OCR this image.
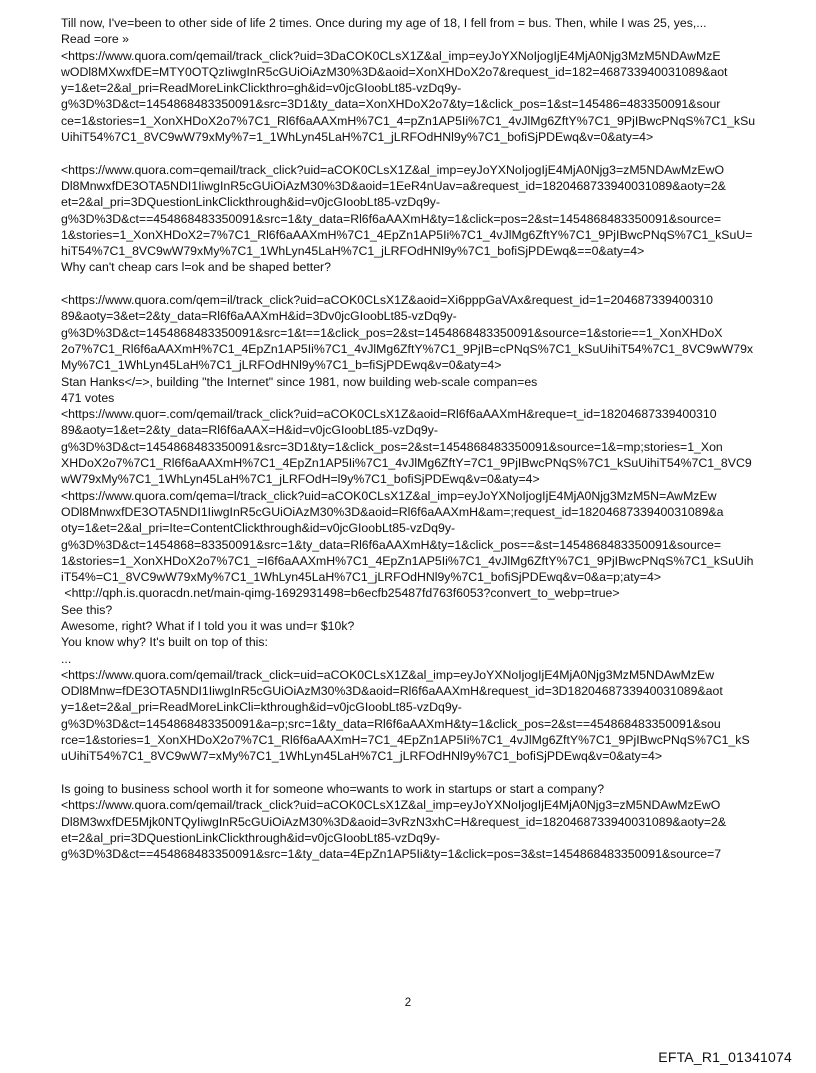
Till now, I've=been to other side of life 2 times. Once during my age of 18, I fell from = bus. Then, while I was 25, yes,...
Read =ore »
<https://www.quora.com/qemail/track_click?uid=3DaCOK0CLsX1Z&al_imp=eyJoYXNoIjogIjE4MjA0Njg3MzM5NDAwMzE
wODl8MXwxfDE=MTY0OTQzIiwgInR5cGUiOiAzM30%3D&aoid=XonXHDoX2o7&request_id=182=468733940031089&aot
y=1&et=2&al_pri=ReadMoreLinkClickthro=gh&id=v0jcGIoobLt85-vzDq9y-
g%3D%3D&ct=1454868483350091&src=3D1&ty_data=XonXHDoX2o7&ty=1&click_pos=1&st=145486=483350091&sour
ce=1&stories=1_XonXHDoX2o7%7C1_Rl6f6aAAXmH%7C1_4=pZn1AP5Ii%7C1_4vJlMg6ZftY%7C1_9PjIBwcPNqS%7C1_kSu
UihiT54%7C1_8VC9wW79xMy%7=1_1WhLyn45LaH%7C1_jLRFOdHNl9y%7C1_bofiSjPDEwq&v=0&aty=4>
<https://www.quora.com=qemail/track_click?uid=aCOK0CLsX1Z&al_imp=eyJoYXNoIjogIjE4MjA0Njg3=zM5NDAwMzEwO
Dl8MnwxfDE3OTA5NDI1IiwgInR5cGUiOiAzM30%3D&aoid=1EeR4nUav=a&request_id=1820468733940031089&aoty=2&
et=2&al_pri=3DQuestionLinkClickthrough&id=v0jcGIoobLt85-vzDq9y-
g%3D%3D&ct==454868483350091&src=1&ty_data=Rl6f6aAAXmH&ty=1&click=pos=2&st=1454868483350091&source=
1&stories=1_XonXHDoX2=7%7C1_Rl6f6aAAXmH%7C1_4EpZn1AP5Ii%7C1_4vJlMg6ZftY%7C1_9PjIBwcPNqS%7C1_kSuU=
hiT54%7C1_8VC9wW79xMy%7C1_1WhLyn45LaH%7C1_jLRFOdHNl9y%7C1_bofiSjPDEwq&==0&aty=4>
Why can't cheap cars l=ok and be shaped better?
<https://www.quora.com/qem=il/track_click?uid=aCOK0CLsX1Z&aoid=Xi6pppGaVAx&request_id=1=204687339400310
89&aoty=3&et=2&ty_data=Rl6f6aAAXmH&id=3Dv0jcGIoobLt85-vzDq9y-
g%3D%3D&ct=1454868483350091&src=1&t==1&click_pos=2&st=1454868483350091&source=1&storie==1_XonXHDoX
2o7%7C1_Rl6f6aAAXmH%7C1_4EpZn1AP5Ii%7C1_4vJlMg6ZftY%7C1_9PjIB=cPNqS%7C1_kSuUihiT54%7C1_8VC9wW79x
My%7C1_1WhLyn45LaH%7C1_jLRFOdHNl9y%7C1_b=fiSjPDEwq&v=0&aty=4>
Stan Hanks</=>, building "the Internet" since 1981, now building web-scale compan=es
471 votes
<https://www.quor=.com/qemail/track_click?uid=aCOK0CLsX1Z&aoid=Rl6f6aAAXmH&reque=t_id=18204687339400310
89&aoty=1&et=2&ty_data=Rl6f6aAAX=H&id=v0jcGIoobLt85-vzDq9y-
g%3D%3D&ct=1454868483350091&src=3D1&ty=1&click_pos=2&st=1454868483350091&source=1&=mp;stories=1_Xon
XHDoX2o7%7C1_Rl6f6aAAXmH%7C1_4EpZn1AP5Ii%7C1_4vJlMg6ZftY=7C1_9PjIBwcPNqS%7C1_kSuUihiT54%7C1_8VC9
wW79xMy%7C1_1WhLyn45LaH%7C1_jLRFOdH=l9y%7C1_bofiSjPDEwq&v=0&aty=4>
<https://www.quora.com/qema=l/track_click?uid=aCOK0CLsX1Z&al_imp=eyJoYXNoIjogIjE4MjA0Njg3MzM5N=AwMzEw
ODl8MnwxfDE3OTA5NDI1IiwgInR5cGUiOiAzM30%3D&aoid=Rl6f6aAAXmH&am=;request_id=1820468733940031089&a
oty=1&et=2&al_pri=Ite=ContentClickthrough&id=v0jcGIoobLt85-vzDq9y-
g%3D%3D&ct=1454868=83350091&src=1&ty_data=Rl6f6aAAXmH&ty=1&click_pos==&st=1454868483350091&source=
1&stories=1_XonXHDoX2o7%7C1_=I6f6aAAXmH%7C1_4EpZn1AP5Ii%7C1_4vJlMg6ZftY%7C1_9PjIBwcPNqS%7C1_kSuUih
iT54%=C1_8VC9wW79xMy%7C1_1WhLyn45LaH%7C1_jLRFOdHNl9y%7C1_bofiSjPDEwq&v=0&a=p;aty=4>
<http://qph.is.quoracdn.net/main-qimg-1692931498=b6ecfb25487fd763f6053?convert_to_webp=true>
See this?
Awesome, right? What if I told you it was und=r $10k?
You know why? It's built on top of this:
...
<https://www.quora.com/qemail/track_click=uid=aCOK0CLsX1Z&al_imp=eyJoYXNoIjogIjE4MjA0Njg3MzM5NDAwMzEw
ODl8Mnw=fDE3OTA5NDI1IiwgInR5cGUiOiAzM30%3D&aoid=Rl6f6aAAXmH&request_id=3D1820468733940031089&aot
y=1&et=2&al_pri=ReadMoreLinkCli=kthrough&id=v0jcGIoobLt85-vzDq9y-
g%3D%3D&ct=1454868483350091&a=p;src=1&ty_data=Rl6f6aAAXmH&ty=1&click_pos=2&st==454868483350091&sou
rce=1&stories=1_XonXHDoX2o7%7C1_Rl6f6aAAXmH=7C1_4EpZn1AP5Ii%7C1_4vJlMg6ZftY%7C1_9PjIBwcPNqS%7C1_kS
uUihiT54%7C1_8VC9wW7=xMy%7C1_1WhLyn45LaH%7C1_jLRFOdHNl9y%7C1_bofiSjPDEwq&v=0&aty=4>
Is going to business school worth it for someone who=wants to work in startups or start a company?
<https://www.quora.com/qemail/track_click?uid=aCOK0CLsX1Z&al_imp=eyJoYXNoIjogIjE4MjA0Njg3=zM5NDAwMzEwO
Dl8M3wxfDE5Mjk0NTQyIiwgInR5cGUiOiAzM30%3D&aoid=3vRzN3xhC=H&request_id=1820468733940031089&aoty=2&
et=2&al_pri=3DQuestionLinkClickthrough&id=v0jcGIoobLt85-vzDq9y-
g%3D%3D&ct==454868483350091&src=1&ty_data=4EpZn1AP5Ii&ty=1&click=pos=3&st=1454868483350091&source=7
2
EFTA_R1_01341074
